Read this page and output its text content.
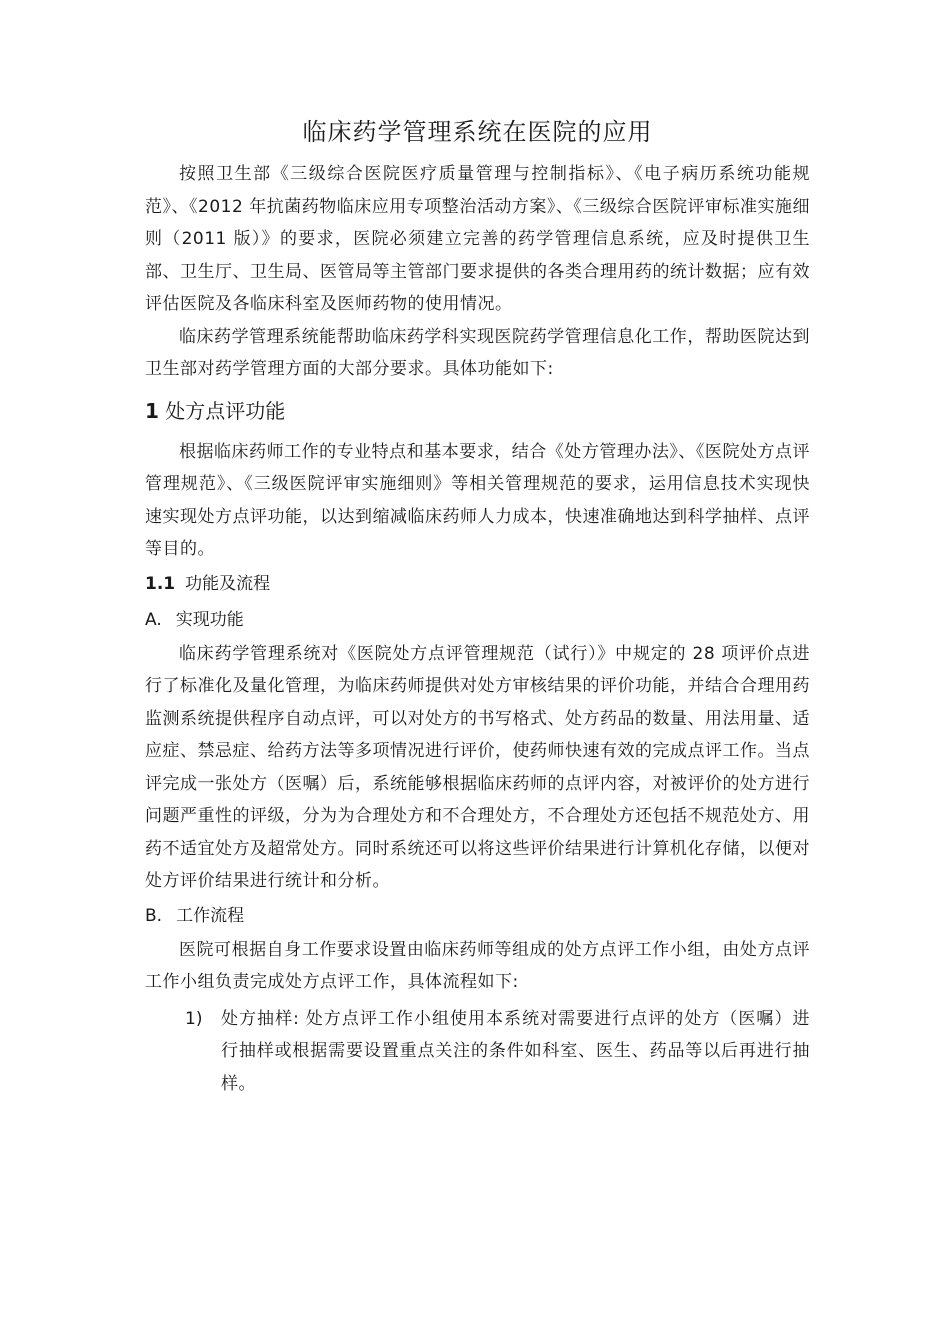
临床药学管理系统在医院的应用

按照卫生部《三级综合医院医疗质量管理与控制指标》、《电子病历系统功能规范》、《2012 年抗菌药物临床应用专项整治活动方案》、《三级综合医院评审标准实施细则（2011 版）》的要求，医院必须建立完善的药学管理信息系统，应及时提供卫生部、卫生厅、卫生局、医管局等主管部门要求提供的各类合理用药的统计数据；应有效评估医院及各临床科室及医师药物的使用情况。

临床药学管理系统能帮助临床药学科实现医院药学管理信息化工作，帮助医院达到卫生部对药学管理方面的大部分要求。具体功能如下:

1 处方点评功能

根据临床药师工作的专业特点和基本要求，结合《处方管理办法》、《医院处方点评管理规范》、《三级医院评审实施细则》等相关管理规范的要求，运用信息技术实现快速实现处方点评功能，以达到缩减临床药师人力成本，快速准确地达到科学抽样、点评等目的。

1.1 功能及流程
A. 实现功能

临床药学管理系统对《医院处方点评管理规范（试行）》中规定的 28 项评价点进行了标准化及量化管理，为临床药师提供对处方审核结果的评价功能，并结合合理用药监测系统提供程序自动点评，可以对处方的书写格式、处方药品的数量、用法用量、适应症、禁忌症、给药方法等多项情况进行评价，使药师快速有效的完成点评工作。当点评完成一张处方（医嘱）后，系统能够根据临床药师的点评内容，对被评价的处方进行问题严重性的评级，分为为合理处方和不合理处方，不合理处方还包括不规范处方、用药不适宜处方及超常处方。同时系统还可以将这些评价结果进行计算机化存储，以便对处方评价结果进行统计和分析。

B. 工作流程

医院可根据自身工作要求设置由临床药师等组成的处方点评工作小组，由处方点评工作小组负责完成处方点评工作，具体流程如下:

1)	处方抽样: 处方点评工作小组使用本系统对需要进行点评的处方（医嘱）进行抽样或根据需要设置重点关注的条件如科室、医生、药品等以后再进行抽样。
